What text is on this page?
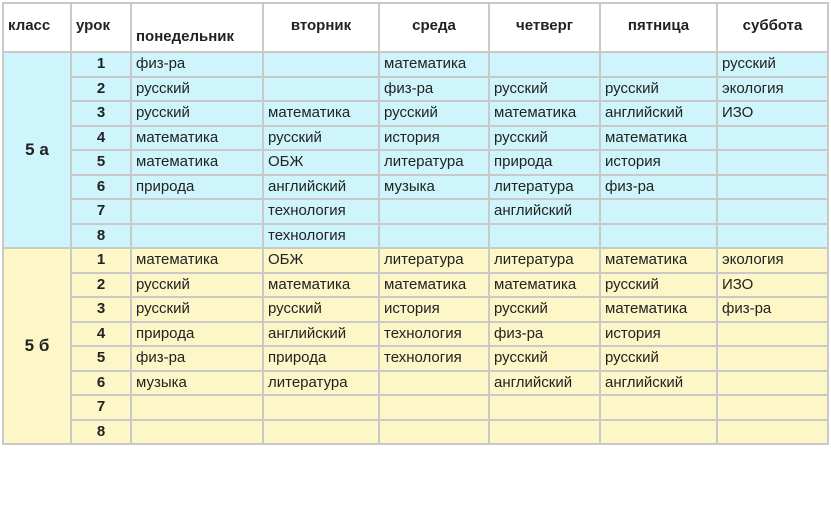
класс	урок	понедельник	вторник	среда	четверг	пятница	суббота
5 а	1	физ-ра		математика			русский
	2	русский		физ-ра	русский	русский	экология
	3	русский	математика	русский	математика	английский	ИЗО
	4	математика	русский	история	русский	математика	
	5	математика	ОБЖ	литература	природа	история	
	6	природа	английский	музыка	литература	физ-ра	
	7		технология		английский		
	8		технология				
5 б	1	математика	ОБЖ	литература	литература	математика	экология
	2	русский	математика	математика	математика	русский	ИЗО
	3	русский	русский	история	русский	математика	физ-ра
	4	природа	английский	технология	физ-ра	история	
	5	физ-ра	природа	технология	русский	русский	
	6	музыка	литература		английский	английский	
	7						
	8						
